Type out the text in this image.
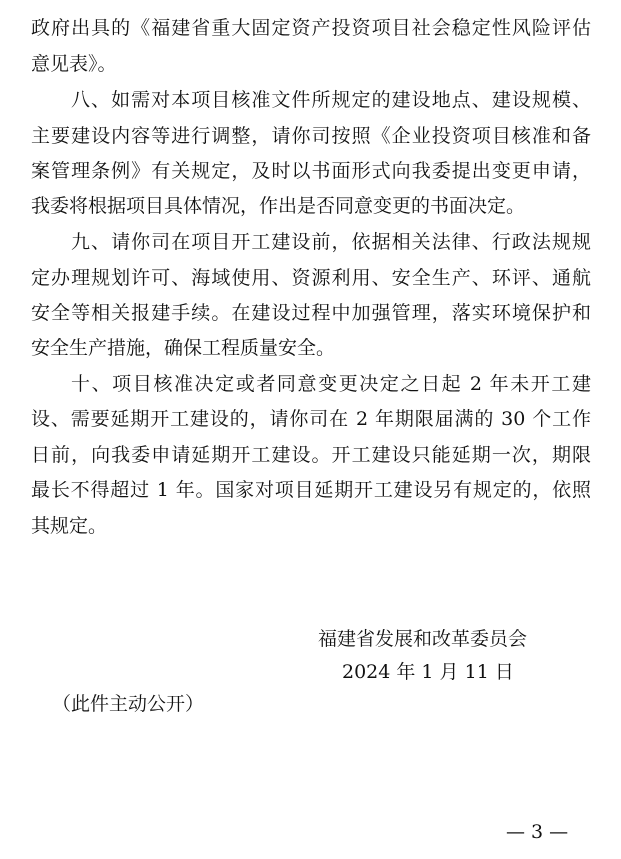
政府出具的《福建省重大固定资产投资项目社会稳定性风险评估
意见表》。
八、如需对本项目核准文件所规定的建设地点、建设规模、
主要建设内容等进行调整，请你司按照《企业投资项目核准和备
案管理条例》有关规定，及时以书面形式向我委提出变更申请，
我委将根据项目具体情况，作出是否同意变更的书面决定。
九、请你司在项目开工建设前，依据相关法律、行政法规规
定办理规划许可、海域使用、资源利用、安全生产、环评、通航
安全等相关报建手续。在建设过程中加强管理，落实环境保护和
安全生产措施，确保工程质量安全。
十、项目核准决定或者同意变更决定之日起 2 年未开工建
设、需要延期开工建设的，请你司在 2 年期限届满的 30 个工作
日前，向我委申请延期开工建设。开工建设只能延期一次，期限
最长不得超过 1 年。国家对项目延期开工建设另有规定的，依照
其规定。
福建省发展和改革委员会
2024 年 1 月 11 日
（此件主动公开）
— 3 —
